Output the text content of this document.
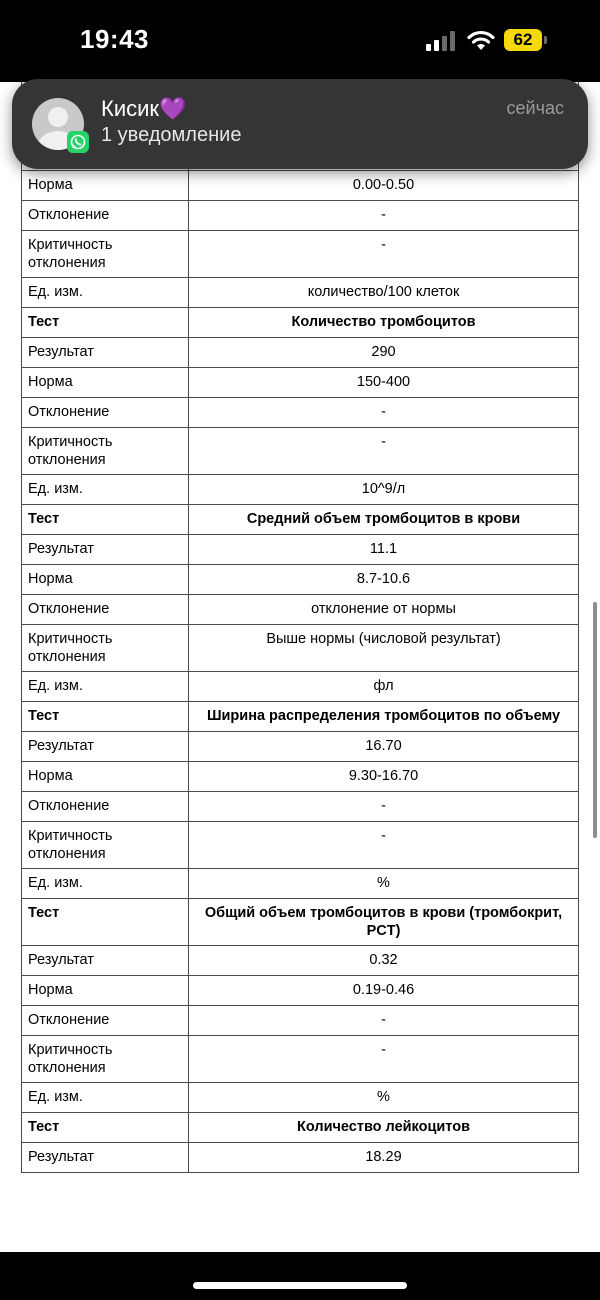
19:43	62

Норма	0.00-0.50
Отклонение	-
Критичность отклонения	-
Ед. изм.	количество/100 клеток
Тест	Количество тромбоцитов
Результат	290
Норма	150-400
Отклонение	-
Критичность отклонения	-
Ед. изм.	10^9/л
Тест	Средний объем тромбоцитов в крови
Результат	11.1
Норма	8.7-10.6
Отклонение	отклонение от нормы
Критичность отклонения	Выше нормы (числовой результат)
Ед. изм.	фл
Тест	Ширина распределения тромбоцитов по объему
Результат	16.70
Норма	9.30-16.70
Отклонение	-
Критичность отклонения	-
Ед. изм.	%
Тест	Общий объем тромбоцитов в крови (тромбокрит, PCT)
Результат	0.32
Норма	0.19-0.46
Отклонение	-
Критичность отклонения	-
Ед. изм.	%
Тест	Количество лейкоцитов
Результат	18.29
Кисик💜
1 уведомление
сейчас
